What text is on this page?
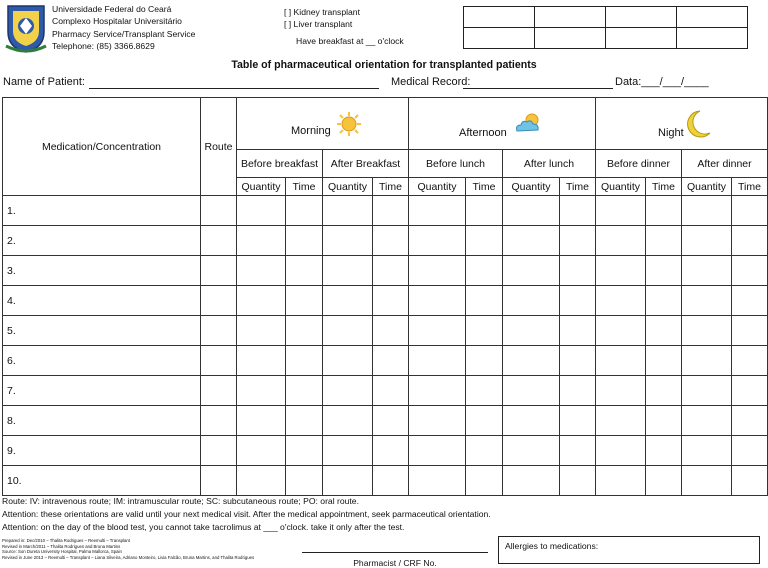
Universidade Federal do Ceará
Complexo Hospitalar Universitário
Pharmacy Service/Transplant Service
Telephone: (85) 3366.8629
[ ] Kidney transplant
[ ] Liver transplant
Have breakfast at __ o'clock

Table of pharmaceutical orientation for transplanted patients
Name of Patient:	Medical Record:	Data:___/___/____
Medication/Concentration	Route	Morning				Afternoon				Night			

		Before breakfast		After Breakfast		Before lunch		After lunch		Before dinner		After dinner	
		Quantity	Time	Quantity	Time	Quantity	Time	Quantity	Time	Quantity	Time	Quantity	Time
1.													
2.													
3.													
4.													
5.													
6.													
7.													
8.													
9.													
10.													
Route: IV: intravenous route; IM: intramuscular route; SC: subcutaneous route; PO: oral route.
Attention: these orientations are valid until your next medical visit. After the medical appointment, seek parmaceutical orientation.
Attention: on the day of the blood test, you cannot take tacrolimus at ___ o'clock. take it only after the test.
Prepared in: Dec/2010 – Thalita Rodrigues – Reemulti – Transplant
Revised in March/2011 – Thalita Rodrigues and Bruna Martins
Source: Son Dureta University Hospital, Palma Mallorca, Spain
Revised in June 2013 – Reemulti – Transplant – Liana Silveira, Adriano Monteiro, Livia Falcão, Bruna Martins, and Thalita Rodrigues
Pharmacist / CRF No.
Allergies to medications:
